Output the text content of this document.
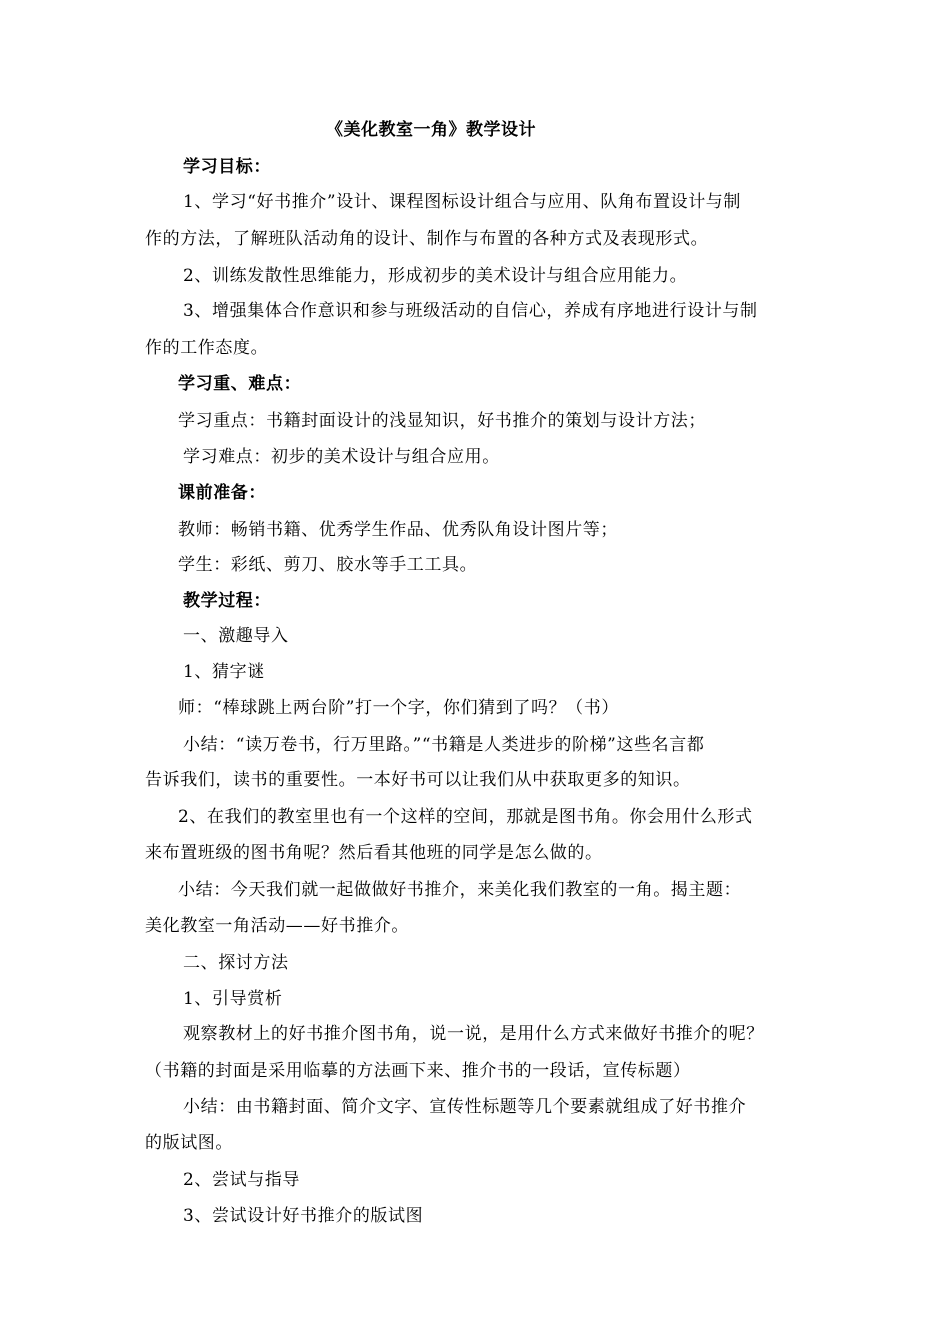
《美化教室一角》教学设计
学习目标：
1、学习“好书推介”设计、课程图标设计组合与应用、队角布置设计与制
作的方法，了解班队活动角的设计、制作与布置的各种方式及表现形式。
2、训练发散性思维能力，形成初步的美术设计与组合应用能力。
3、增强集体合作意识和参与班级活动的自信心，养成有序地进行设计与制
作的工作态度。
学习重、难点：
学习重点：书籍封面设计的浅显知识，好书推介的策划与设计方法；
学习难点：初步的美术设计与组合应用。
课前准备：
教师：畅销书籍、优秀学生作品、优秀队角设计图片等；
学生：彩纸、剪刀、胶水等手工工具。
教学过程：
一、激趣导入
1、猜字谜
师：“棒球跳上两台阶”打一个字，你们猜到了吗？（书）
小结：“读万卷书，行万里路。”“书籍是人类进步的阶梯”这些名言都
告诉我们，读书的重要性。一本好书可以让我们从中获取更多的知识。
2、在我们的教室里也有一个这样的空间，那就是图书角。你会用什么形式
来布置班级的图书角呢？然后看其他班的同学是怎么做的。
小结：今天我们就一起做做好书推介，来美化我们教室的一角。揭主题：
美化教室一角活动——好书推介。
二、探讨方法
1、引导赏析
观察教材上的好书推介图书角，说一说，是用什么方式来做好书推介的呢？
（书籍的封面是采用临摹的方法画下来、推介书的一段话，宣传标题）
小结：由书籍封面、简介文字、宣传性标题等几个要素就组成了好书推介
的版试图。
2、尝试与指导
3、尝试设计好书推介的版试图
